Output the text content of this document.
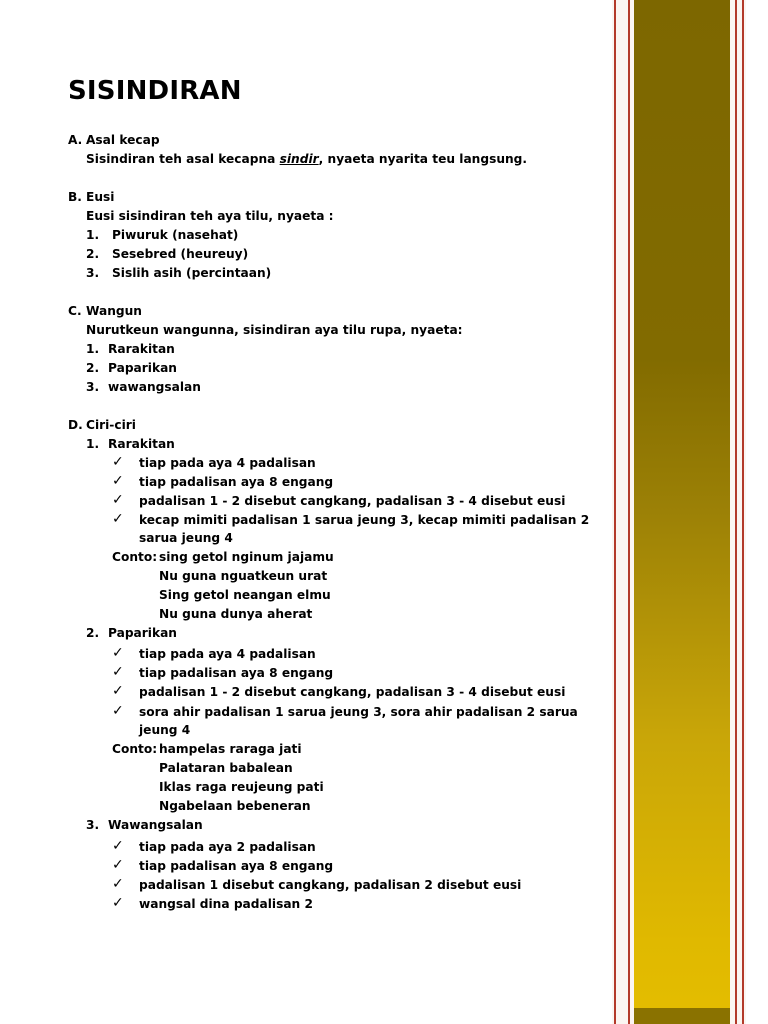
SISINDIRAN
A. Asal kecap
Sisindiran teh asal kecapna sindir, nyaeta nyarita teu langsung.
B. Eusi
Eusi sisindiran teh aya tilu, nyaeta :
1. Piwuruk (nasehat)
2. Sesebred (heureuy)
3. Sislih asih (percintaan)
C. Wangun
Nurutkeun wangunna, sisindiran aya tilu rupa, nyaeta:
1. Rarakitan
2. Paparikan
3. wawangsalan
D. Ciri-ciri
1. Rarakitan
✓ tiap pada aya 4 padalisan
✓ tiap padalisan aya 8 engang
✓ padalisan 1 - 2 disebut cangkang, padalisan 3 - 4 disebut eusi
✓ kecap mimiti padalisan 1 sarua jeung 3, kecap mimiti padalisan 2
sarua jeung 4
Conto: sing getol nginum jajamu
Nu guna nguatkeun urat
Sing getol neangan elmu
Nu guna dunya aherat
2. Paparikan
✓ tiap pada aya 4 padalisan
✓ tiap padalisan aya 8 engang
✓ padalisan 1 - 2 disebut cangkang, padalisan 3 - 4 disebut eusi
✓ sora ahir padalisan 1 sarua jeung 3, sora ahir padalisan 2 sarua
jeung 4
Conto: hampelas raraga jati
Palataran babalean
Iklas raga reujeung pati
Ngabelaan bebeneran
3. Wawangsalan
✓ tiap pada aya 2 padalisan
✓ tiap padalisan aya 8 engang
✓ padalisan 1 disebut cangkang, padalisan 2 disebut eusi
✓ wangsal dina padalisan 2
